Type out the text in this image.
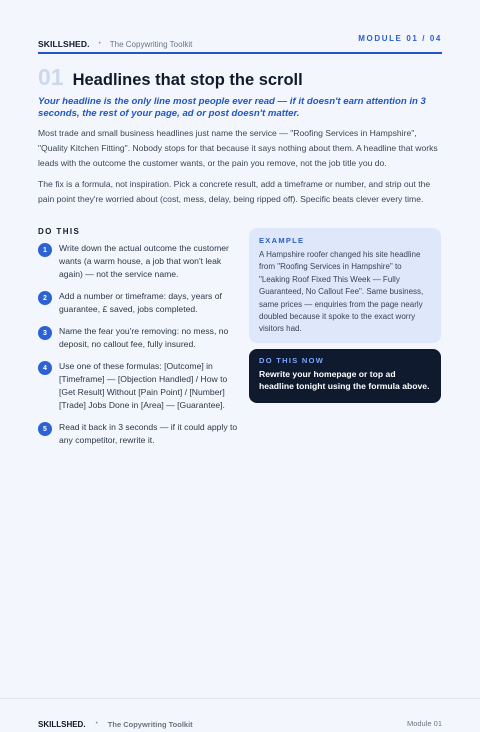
SKILLSHED. · The Copywriting Toolkit
MODULE 01 / 04
01 Headlines that stop the scroll
Your headline is the only line most people ever read — if it doesn't earn attention in 3 seconds, the rest of your page, ad or post doesn't matter.
Most trade and small business headlines just name the service — "Roofing Services in Hampshire", "Quality Kitchen Fitting". Nobody stops for that because it says nothing about them. A headline that works leads with the outcome the customer wants, or the pain you remove, not the job title you do.
The fix is a formula, not inspiration. Pick a concrete result, add a timeframe or number, and strip out the pain point they're worried about (cost, mess, delay, being ripped off). Specific beats clever every time.
DO THIS
1	Write down the actual outcome the customer wants (a warm house, a job that won't leak again) — not the service name.
2	Add a number or timeframe: days, years of guarantee, £ saved, jobs completed.
3	Name the fear you're removing: no mess, no deposit, no callout fee, fully insured.
4	Use one of these formulas: [Outcome] in [Timeframe] — [Objection Handled] / How to [Get Result] Without [Pain Point] / [Number] [Trade] Jobs Done in [Area] — [Guarantee].
5	Read it back in 3 seconds — if it could apply to any competitor, rewrite it.
EXAMPLE
A Hampshire roofer changed his site headline from "Roofing Services in Hampshire" to "Leaking Roof Fixed This Week — Fully Guaranteed, No Callout Fee". Same business, same prices — enquiries from the page nearly doubled because it spoke to the exact worry visitors had.
DO THIS NOW
Rewrite your homepage or top ad headline tonight using the formula above.
SKILLSHED. · The Copywriting Toolkit	Module 01
